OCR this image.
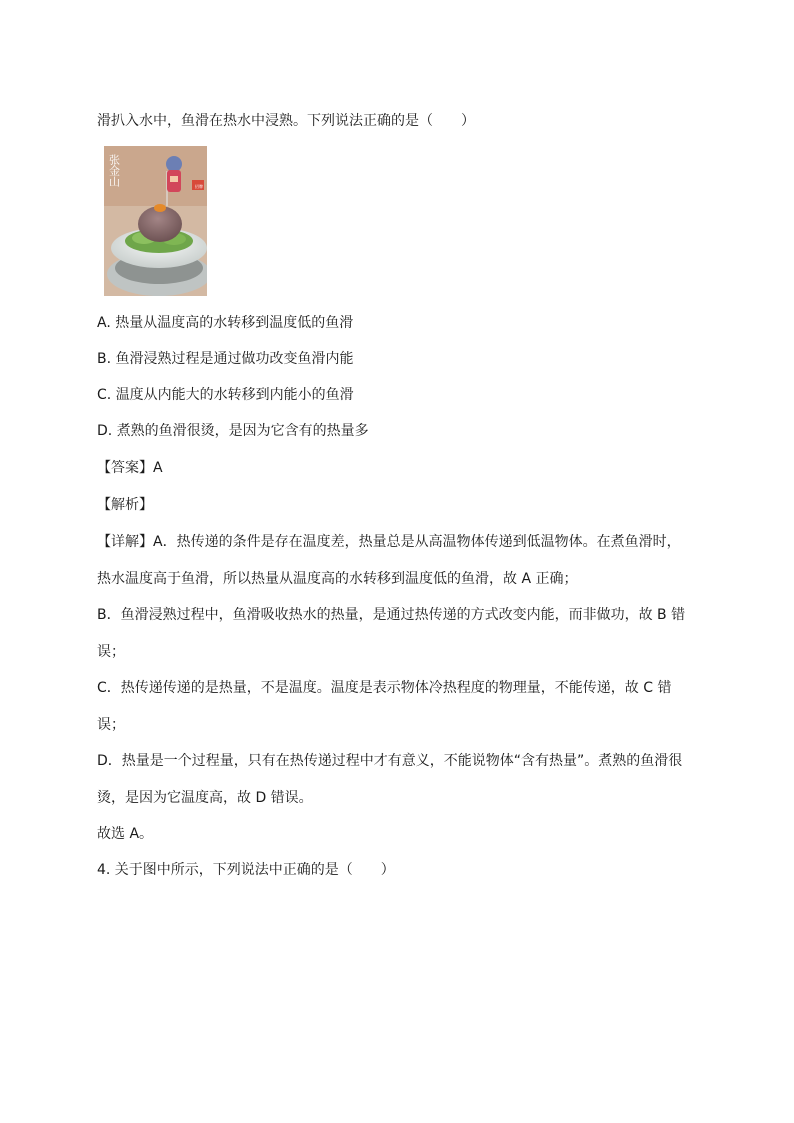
滑扒入水中，鱼滑在热水中浸熟。下列说法正确的是（　　）
招牌
张金山
A. 热量从温度高的水转移到温度低的鱼滑
B. 鱼滑浸熟过程是通过做功改变鱼滑内能
C. 温度从内能大的水转移到内能小的鱼滑
D. 煮熟的鱼滑很烫，是因为它含有的热量多
【答案】A
【解析】
【详解】A．热传递的条件是存在温度差，热量总是从高温物体传递到低温物体。在煮鱼滑时，
热水温度高于鱼滑，所以热量从温度高的水转移到温度低的鱼滑，故 A 正确；
B．鱼滑浸熟过程中，鱼滑吸收热水的热量，是通过热传递的方式改变内能，而非做功，故 B 错
误；
C．热传递传递的是热量，不是温度。温度是表示物体冷热程度的物理量，不能传递，故 C 错
误；
D．热量是一个过程量，只有在热传递过程中才有意义，不能说物体“含有热量”。煮熟的鱼滑很
烫，是因为它温度高，故 D 错误。
故选 A。
4. 关于图中所示，下列说法中正确的是（　　）
